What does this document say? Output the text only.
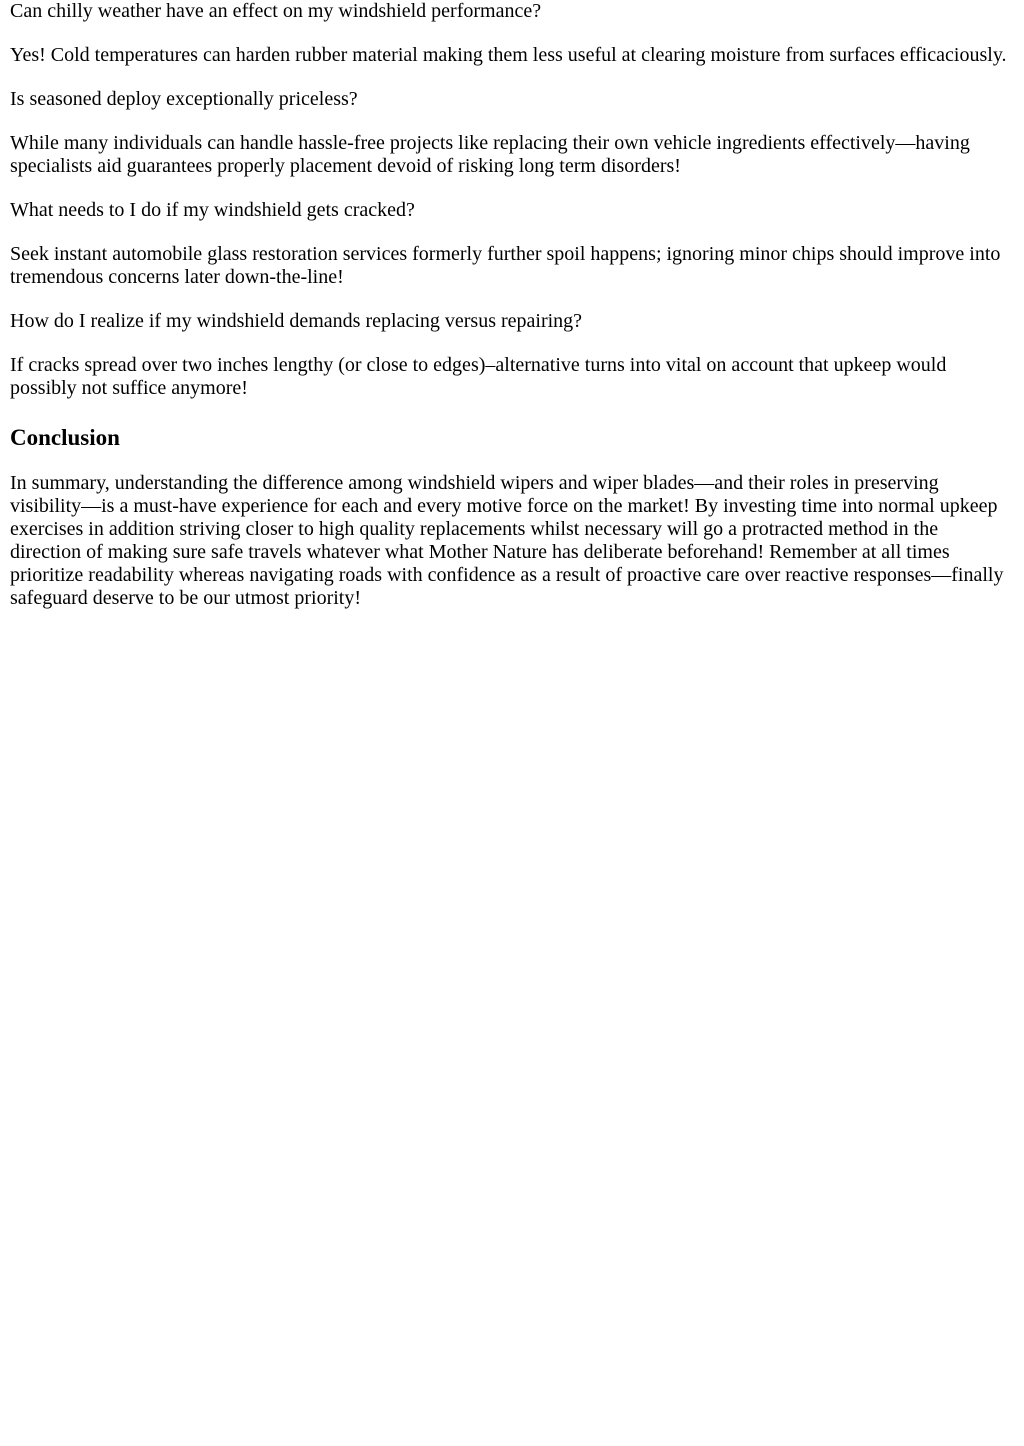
Can chilly weather have an effect on my windshield performance?

Yes! Cold temperatures can harden rubber material making them less useful at clearing moisture from surfaces efficaciously.

Is seasoned deploy exceptionally priceless?

While many individuals can handle hassle-free projects like replacing their own vehicle ingredients effectively—having specialists aid guarantees properly placement devoid of risking long term disorders!

What needs to I do if my windshield gets cracked?

Seek instant automobile glass restoration services formerly further spoil happens; ignoring minor chips should improve into tremendous concerns later down-the-line!

How do I realize if my windshield demands replacing versus repairing?

If cracks spread over two inches lengthy (or close to edges)–alternative turns into vital on account that upkeep would possibly not suffice anymore!

Conclusion

In summary, understanding the difference among windshield wipers and wiper blades—and their roles in preserving visibility—is a must-have experience for each and every motive force on the market! By investing time into normal upkeep exercises in addition striving closer to high quality replacements whilst necessary will go a protracted method in the direction of making sure safe travels whatever what Mother Nature has deliberate beforehand! Remember at all times prioritize readability whereas navigating roads with confidence as a result of proactive care over reactive responses—finally safeguard deserve to be our utmost priority!
